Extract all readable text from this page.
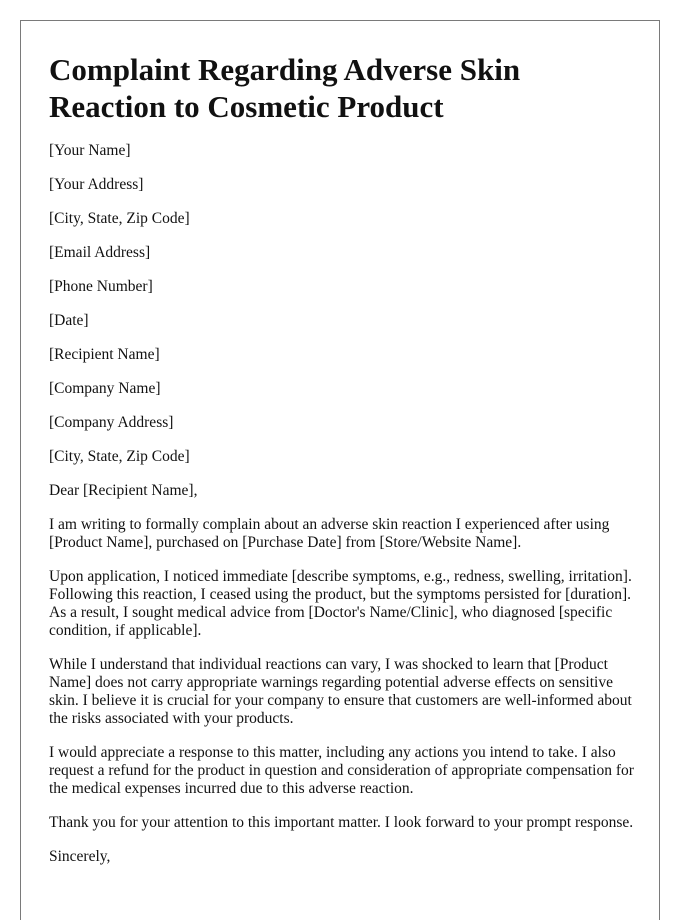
Complaint Regarding Adverse Skin Reaction to Cosmetic Product

[Your Name]

[Your Address]

[City, State, Zip Code]

[Email Address]

[Phone Number]

[Date]

[Recipient Name]

[Company Name]

[Company Address]

[City, State, Zip Code]

Dear [Recipient Name],

I am writing to formally complain about an adverse skin reaction I experienced after using [Product Name], purchased on [Purchase Date] from [Store/Website Name].

Upon application, I noticed immediate [describe symptoms, e.g., redness, swelling, irritation]. Following this reaction, I ceased using the product, but the symptoms persisted for [duration]. As a result, I sought medical advice from [Doctor's Name/Clinic], who diagnosed [specific condition, if applicable].

While I understand that individual reactions can vary, I was shocked to learn that [Product Name] does not carry appropriate warnings regarding potential adverse effects on sensitive skin. I believe it is crucial for your company to ensure that customers are well-informed about the risks associated with your products.

I would appreciate a response to this matter, including any actions you intend to take. I also request a refund for the product in question and consideration of appropriate compensation for the medical expenses incurred due to this adverse reaction.

Thank you for your attention to this important matter. I look forward to your prompt response.

Sincerely,
